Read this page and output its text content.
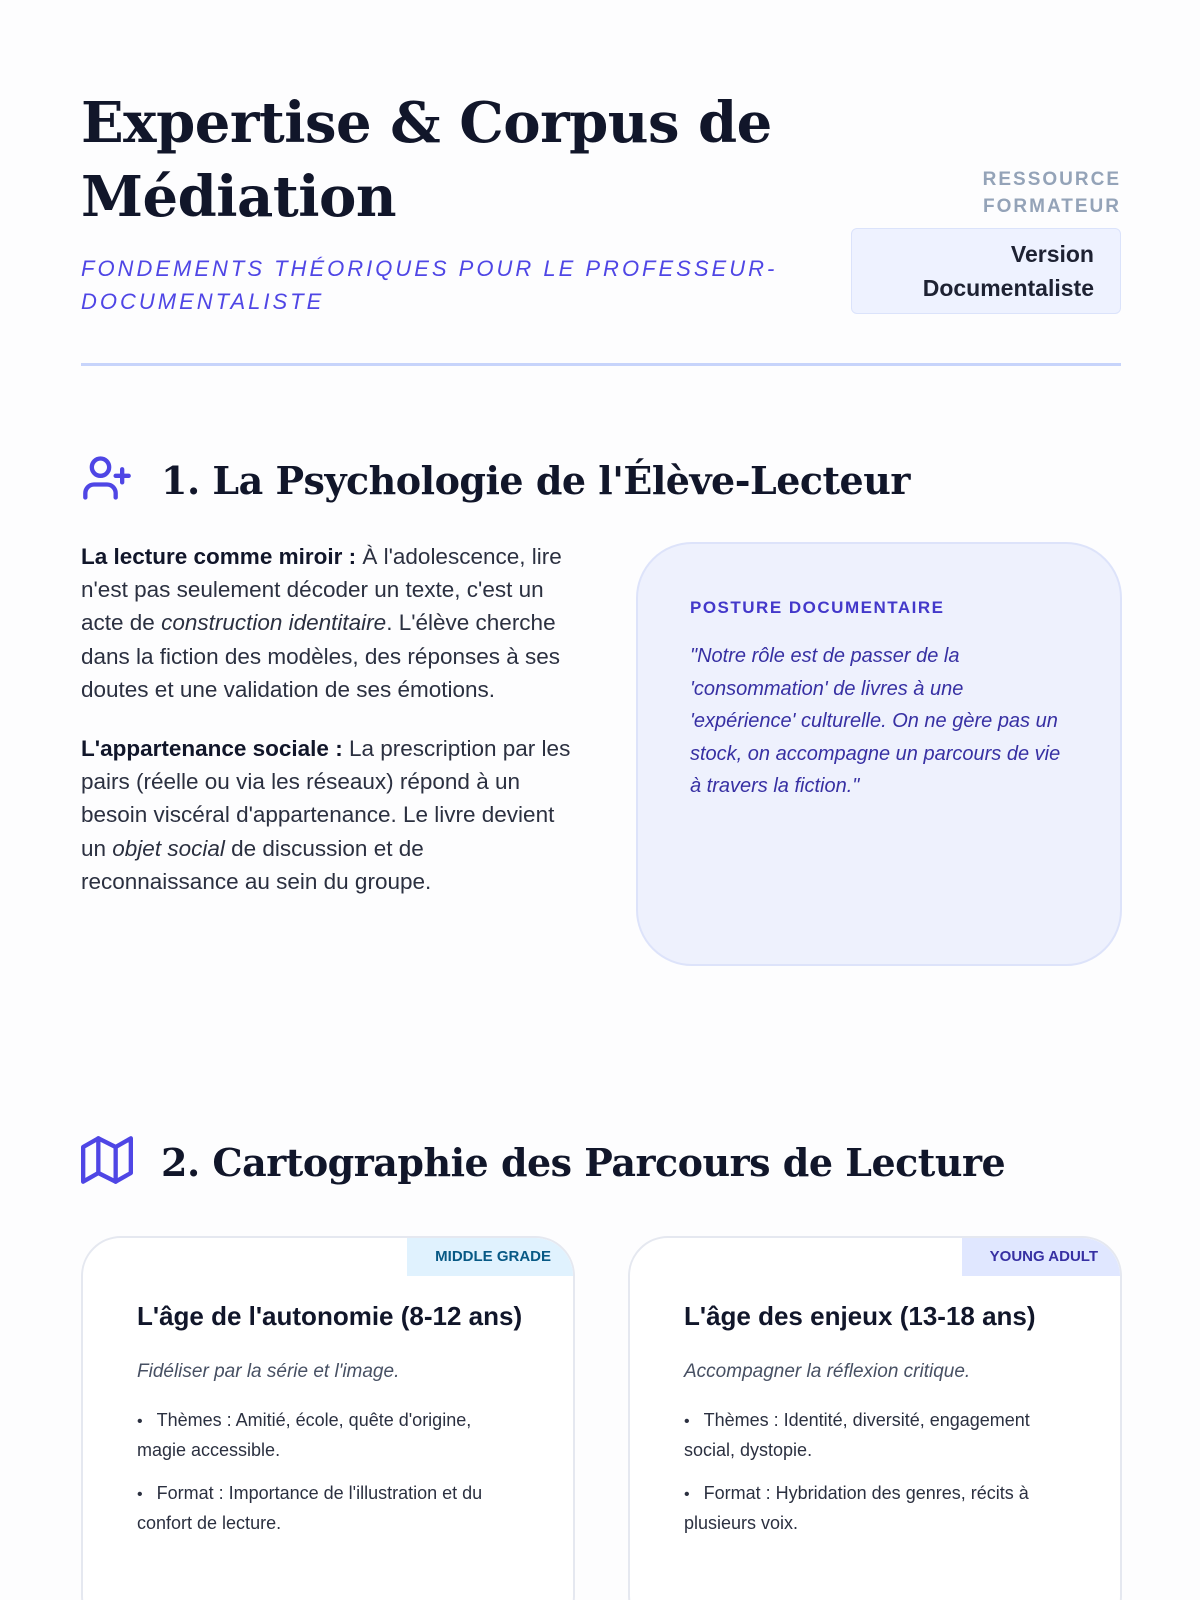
Expertise & Corpus de Médiation
FONDEMENTS THÉORIQUES POUR LE PROFESSEUR-DOCUMENTALISTE
RESSOURCE FORMATEUR
Version Documentaliste
1. La Psychologie de l'Élève-Lecteur

La lecture comme miroir : À l'adolescence, lire n'est pas seulement décoder un texte, c'est un acte de construction identitaire. L'élève cherche dans la fiction des modèles, des réponses à ses doutes et une validation de ses émotions.

L'appartenance sociale : La prescription par les pairs (réelle ou via les réseaux) répond à un besoin viscéral d'appartenance. Le livre devient un objet social de discussion et de reconnaissance au sein du groupe.

POSTURE DOCUMENTAIRE
"Notre rôle est de passer de la 'consommation' de livres à une 'expérience' culturelle. On ne gère pas un stock, on accompagne un parcours de vie à travers la fiction."
2. Cartographie des Parcours de Lecture
MIDDLE GRADE
L'âge de l'autonomie (8-12 ans)
Fidéliser par la série et l'image.
• Thèmes : Amitié, école, quête d'origine, magie accessible.
• Format : Importance de l'illustration et du confort de lecture.
YOUNG ADULT
L'âge des enjeux (13-18 ans)
Accompagner la réflexion critique.
• Thèmes : Identité, diversité, engagement social, dystopie.
• Format : Hybridation des genres, récits à plusieurs voix.
